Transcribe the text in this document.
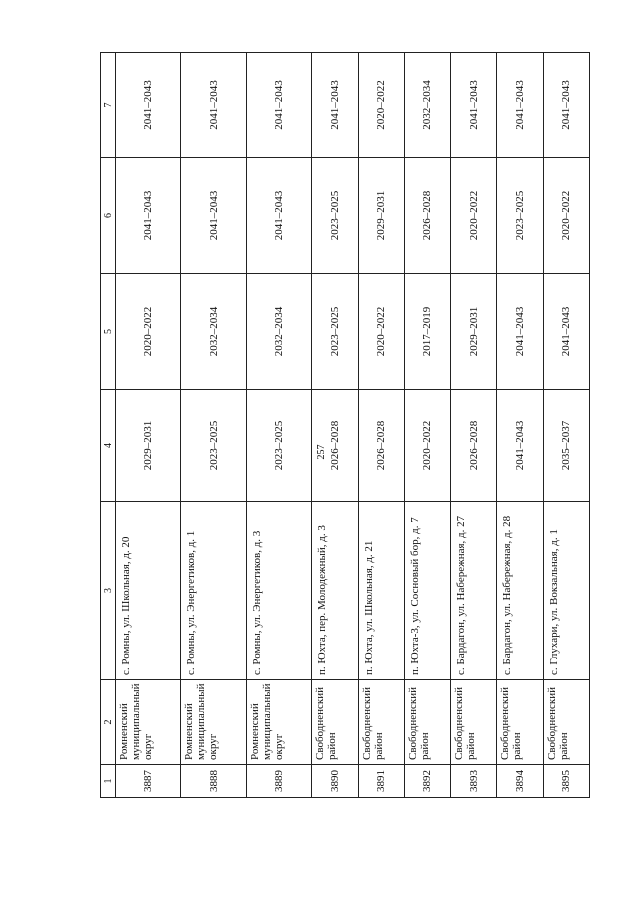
257
1	2	3	4	5	6	7
3887	Ромненский муниципальный округ	с. Ромны, ул. Школьная, д. 20	2029–2031	2020–2022	2041–2043	2041–2043
3888	Ромненский муниципальный округ	с. Ромны, ул. Энергетиков, д. 1	2023–2025	2032–2034	2041–2043	2041–2043
3889	Ромненский муниципальный округ	с. Ромны, ул. Энергетиков, д. 3	2023–2025	2032–2034	2041–2043	2041–2043
3890	Свободненский район	п. Юхта, пер. Молодежный, д. 3	2026–2028	2023–2025	2023–2025	2041–2043
3891	Свободненский район	п. Юхта, ул. Школьная, д. 21	2026–2028	2020–2022	2029–2031	2020–2022
3892	Свободненский район	п. Юхта-3, ул. Сосновый бор, д. 7	2020–2022	2017–2019	2026–2028	2032–2034
3893	Свободненский район	с. Бардагон, ул. Набережная, д. 27	2026–2028	2029–2031	2020–2022	2041–2043
3894	Свободненский район	с. Бардагон, ул. Набережная, д. 28	2041–2043	2041–2043	2023–2025	2041–2043
3895	Свободненский район	с. Глухари, ул. Вокзальная, д. 1	2035–2037	2041–2043	2020–2022	2041–2043
